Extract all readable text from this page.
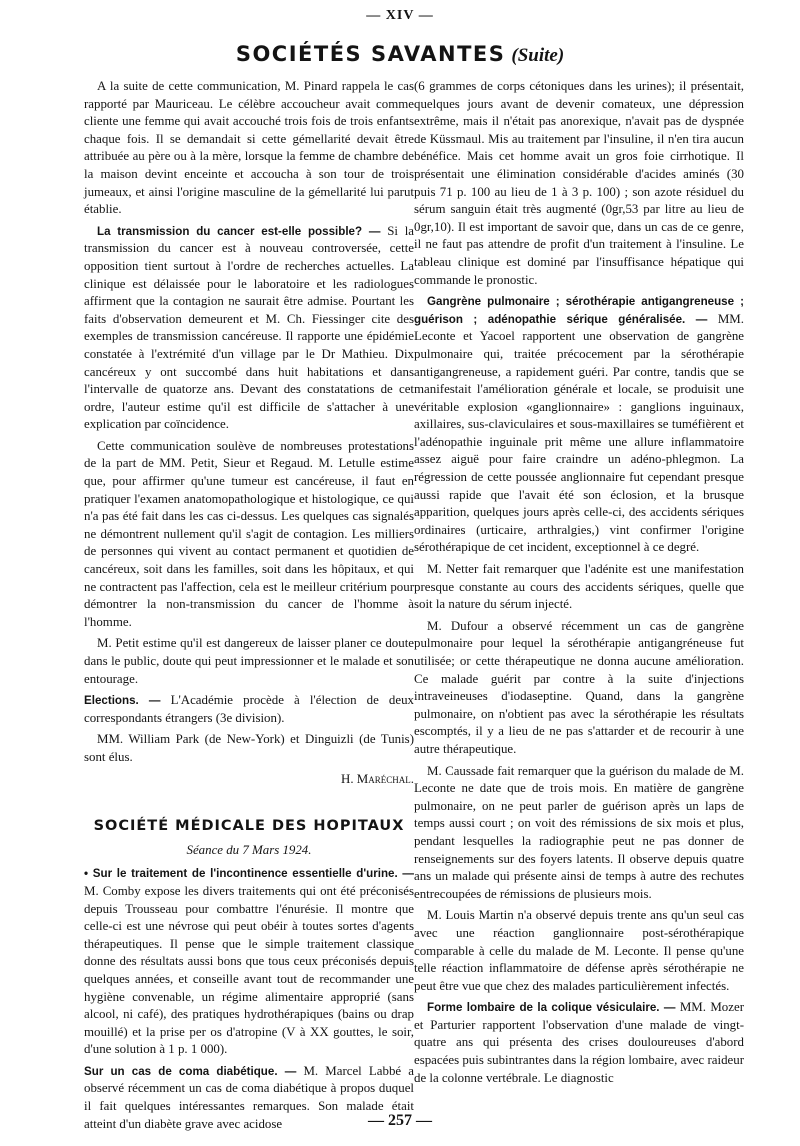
— XIV —
SOCIÉTÉS SAVANTES (Suite)

A la suite de cette communication, M. Pinard rappela le cas rapporté par Mauriceau. Le célèbre accoucheur avait comme cliente une femme qui avait accouché trois fois de trois enfants chaque fois. Il se demandait si cette gémellarité devait être attribuée au père ou à la mère, lorsque la femme de chambre de la maison devint enceinte et accoucha à son tour de trois jumeaux, et ainsi l'origine masculine de la gémellarité lui parut établie.

La transmission du cancer est-elle possible? — Si la transmission du cancer est à nouveau controversée, cette opposition tient surtout à l'ordre de recherches actuelles. La clinique est délaissée pour le laboratoire et les radiologues affirment que la contagion ne saurait être admise. Pourtant les faits d'observation demeurent et M. Ch. Fiessinger cite des exemples de transmission cancéreuse. Il rapporte une épidémie constatée à l'extrémité d'un village par le Dr Mathieu. Dix cancéreux y ont succombé dans huit habitations et dans l'intervalle de quatorze ans. Devant des constatations de cet ordre, l'auteur estime qu'il est difficile de s'attacher à une explication par coïncidence.

Cette communication soulève de nombreuses protestations de la part de MM. Petit, Sieur et Regaud. M. Letulle estime que, pour affirmer qu'une tumeur est cancéreuse, il faut en pratiquer l'examen anatomopathologique et histologique, ce qui n'a pas été fait dans les cas ci-dessus. Les quelques cas signalés ne démontrent nullement qu'il s'agit de contagion. Les milliers de personnes qui vivent au contact permanent et quotidien de cancéreux, soit dans les familles, soit dans les hôpitaux, et qui ne contractent pas l'affection, cela est le meilleur critérium pour démontrer la non-transmission du cancer de l'homme à l'homme.

M. Petit estime qu'il est dangereux de laisser planer ce doute dans le public, doute qui peut impressionner et le malade et son entourage.

Elections. — L'Académie procède à l'élection de deux correspondants étrangers (3e division).

MM. William Park (de New-York) et Dinguizli (de Tunis) sont élus.

H. Maréchal.

SOCIÉTÉ MÉDICALE DES HOPITAUX
Séance du 7 Mars 1924.

• Sur le traitement de l'incontinence essentielle d'urine. — M. Comby expose les divers traitements qui ont été préconisés depuis Trousseau pour combattre l'énurésie. Il montre que celle-ci est une névrose qui peut obéir à toutes sortes d'agents thérapeutiques. Il pense que le simple traitement classique donne des résultats aussi bons que tous ceux préconisés depuis quelques années, et conseille avant tout de recommander une hygiène convenable, un régime alimentaire approprié (sans alcool, ni café), des pratiques hydrothérapiques (bains ou drap mouillé) et la prise per os d'atropine (V à XX gouttes, le soir, d'une solution à 1 p. 1 000).

Sur un cas de coma diabétique. — M. Marcel Labbé a observé récemment un cas de coma diabétique à propos duquel il fait quelques intéressantes remarques. Son malade était atteint d'un diabète grave avec acidose

(6 grammes de corps cétoniques dans les urines); il présentait, quelques jours avant de devenir comateux, une dépression extrême, mais il n'était pas anorexique, n'avait pas de dyspnée de Küssmaul. Mis au traitement par l'insuline, il n'en tira aucun bénéfice. Mais cet homme avait un gros foie cirrhotique. Il présentait une élimination considérable d'acides aminés (30 puis 71 p. 100 au lieu de 1 à 3 p. 100) ; son azote résiduel du sérum sanguin était très augmenté (0gr,53 par litre au lieu de 0gr,10). Il est important de savoir que, dans un cas de ce genre, il ne faut pas attendre de profit d'un traitement à l'insuline. Le tableau clinique est dominé par l'insuffisance hépatique qui commande le pronostic.

Gangrène pulmonaire ; sérothérapie antigangreneuse ; guérison ; adénopathie sérique généralisée. — MM. Leconte et Yacoel rapportent une observation de gangrène pulmonaire qui, traitée précocement par la sérothérapie antigangreneuse, a rapidement guéri. Par contre, tandis que se manifestait l'amélioration générale et locale, se produisit une véritable explosion «ganglionnaire» : ganglions inguinaux, axillaires, sus-claviculaires et sous-maxillaires se tuméfièrent et l'adénopathie inguinale prit même une allure inflammatoire assez aiguë pour faire craindre un adéno-phlegmon. La régression de cette poussée anglionnaire fut cependant presque aussi rapide que l'avait été son éclosion, et la brusque apparition, quelques jours après celle-ci, des accidents sériques ordinaires (urticaire, arthralgies,) vint confirmer l'origine sérothérapique de cet incident, exceptionnel à ce degré.

M. Netter fait remarquer que l'adénite est une manifestation presque constante au cours des accidents sériques, quelle que soit la nature du sérum injecté.

M. Dufour a observé récemment un cas de gangrène pulmonaire pour lequel la sérothérapie antigangréneuse fut utilisée; or cette thérapeutique ne donna aucune amélioration. Ce malade guérit par contre à la suite d'injections intraveineuses d'iodaseptine. Quand, dans la gangrène pulmonaire, on n'obtient pas avec la sérothérapie les résultats escomptés, il y a lieu de ne pas s'attarder et de recourir à une autre thérapeutique.

M. Caussade fait remarquer que la guérison du malade de M. Leconte ne date que de trois mois. En matière de gangrène pulmonaire, on ne peut parler de guérison après un laps de temps aussi court ; on voit des rémissions de six mois et plus, pendant lesquelles la radiographie peut ne pas donner de renseignements sur des foyers latents. Il observe depuis quatre ans un malade qui présente ainsi de temps à autre des rechutes entrecoupées de rémissions de plusieurs mois.

M. Louis Martin n'a observé depuis trente ans qu'un seul cas avec une réaction ganglionnaire post-sérothérapique comparable à celle du malade de M. Leconte. Il pense qu'une telle réaction inflammatoire de défense après sérothérapie ne peut être vue que chez des malades particulièrement infectés.

Forme lombaire de la colique vésiculaire. — MM. Mozer et Parturier rapportent l'observation d'une malade de vingt-quatre ans qui présenta des crises douloureuses d'abord espacées puis subintrantes dans la région lombaire, avec raideur de la colonne vertébrale. Le diagnostic

— 257 —
